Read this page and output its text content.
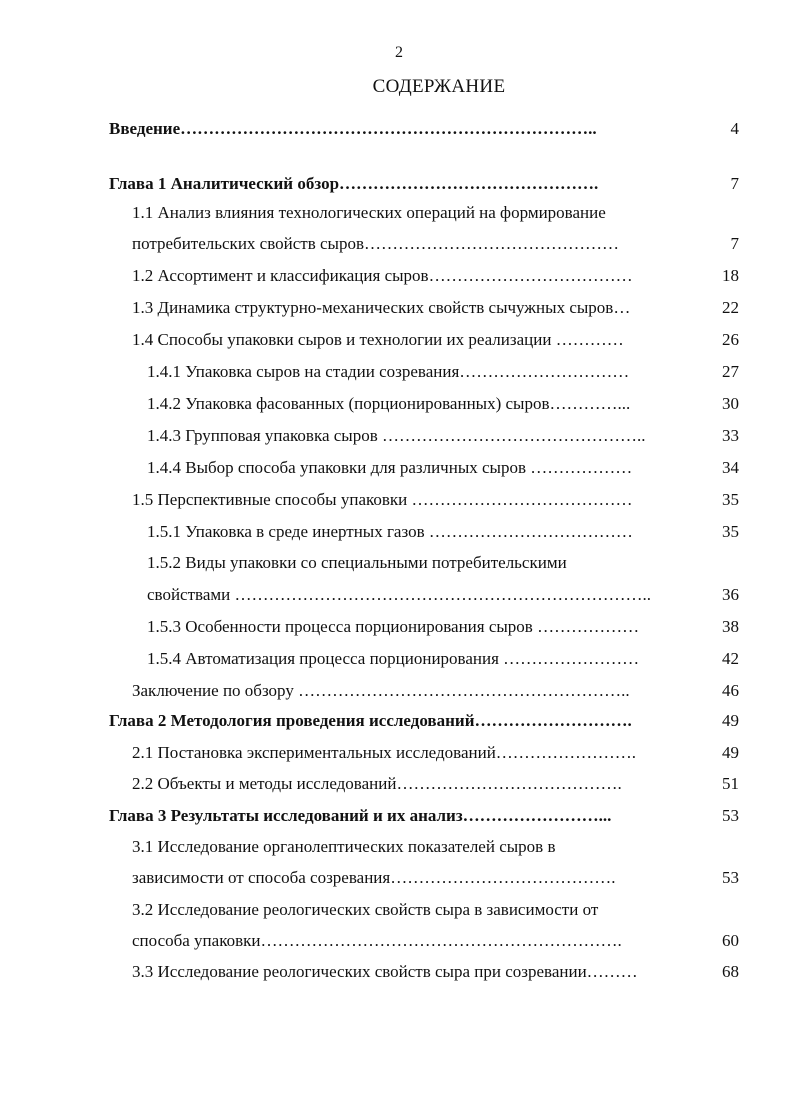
2
СОДЕРЖАНИЕ
Введение………………………………………………………………..	4
Глава 1 Аналитический обзор……………………………………….	7
1.1 Анализ влияния технологических операций на формирование
потребительских свойств сыров………………………………………	7
1.2 Ассортимент и классификация сыров………………………………	18
1.3 Динамика структурно-механических свойств сычужных сыров…	22
1.4 Способы упаковки сыров и технологии их реализации …………	26
1.4.1 Упаковка сыров на стадии созревания…………………………	27
1.4.2 Упаковка фасованных (порционированных) сыров…………...	30
1.4.3 Групповая упаковка сыров ………………………………………..	33
1.4.4 Выбор способа упаковки для различных сыров ………………	34
1.5 Перспективные способы упаковки …………………………………	35
1.5.1 Упаковка в среде инертных газов ………………………………	35
1.5.2 Виды упаковки со специальными потребительскими
свойствами ………………………………………………………………..	36
1.5.3 Особенности процесса порционирования сыров ………………	38
1.5.4 Автоматизация процесса порционирования ……………………	42
Заключение по обзору …………………………………………………..	46
Глава 2 Методология проведения исследований……………………….	49
2.1 Постановка экспериментальных исследований…………………….	49
2.2 Объекты и методы исследований………………………………….	51
Глава 3 Результаты исследований и их анализ……………………...	53
3.1 Исследование органолептических показателей сыров в
зависимости от способа созревания………………………………….	53
3.2 Исследование реологических свойств сыра в зависимости от
способа упаковки……………………………………………………….	60
3.3 Исследование реологических свойств сыра при созревании………	68
